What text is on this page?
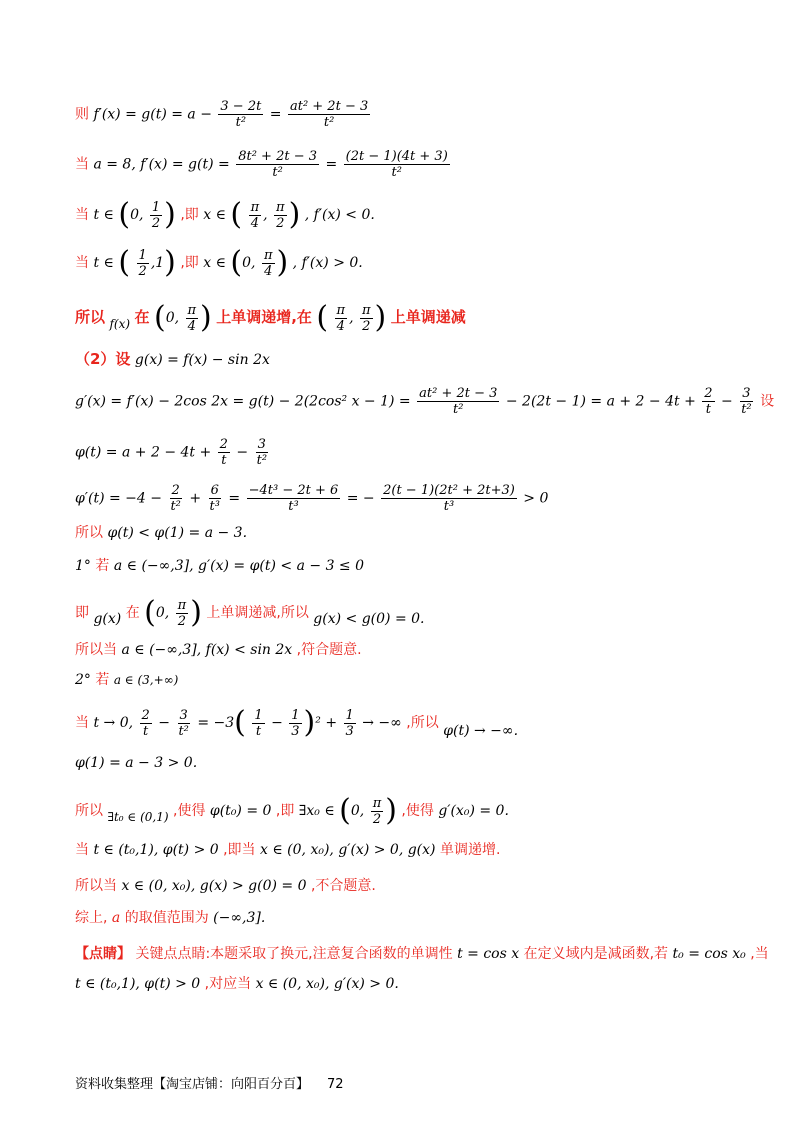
则 $f'(x) = g(t) = a - \frac{3 - 2t}{\text{t²}} = \frac{\text{at² + 2t − 3}}{\text{t²}}$
当 a = 8, $f'(x) = g(t) = \frac{\text{8t² + 2t − 3}}{\text{t²}} = \frac{(2t - 1)(4t + 3)}{\text{t²}}$
当 t ∈ (0, $\frac{1}{2}$ ) ,即 x ∈ ( $\frac{\pi}{4}$ , $\frac{\pi}{2}$ ) , f′(x) < 0.
当 t ∈ ( $\frac{1}{2} ,1$) ,即 x ∈ (0, $\frac{\pi}{4}$ ) , f′(x) > 0.
所以 f(x) 在 (0, $\frac{\pi}{4}$ ) 上单调递增,在 ( $\frac{\pi}{4}$ , $\frac{\pi}{2}$ ) 上单调递减
（2）设 g(x) = f(x) − sin 2x
g′(x) = f′(x) − 2cos 2x = g(t) − 2(2cos² $x - 1) = \frac{\text{at² + 2t − 3}}{\text{t²}} - 2(2t - 1) = a + 2 - 4t + \frac{2}{t} - \frac{3}{\text{t²}}$ 设
$\varphi(t) = a + 2 - 4t + \frac{2}{t} - \frac{3}{\text{t²}}$
$\varphi'(t) = -4 - \frac{2}{\text{t²}} + \frac{6}{\text{t³}} = \frac{\text{−4t³ − 2t + 6}}{\text{t³}}$ = − $\frac{\text{2(t − 1)(2t² + 2t+3)}}{\text{t³}} > 0$
所以 φ(t) < φ(1) = a − 3.
1° 若 a ∈ (−∞,3], g′(x) = φ(t) < a − 3 ≤ 0
即 g(x) 在 (0, $\frac{\pi}{2}$ ) 上单调递减,所以 g(x) < g(0) = 0.
所以当 a ∈ (−∞,3], f(x) < sin 2x ,符合题意.
2° 若 a ∈ (3,+∞)
当 t → 0, $\frac{2}{t} - \frac{3}{\text{t²}} = -3( \frac{1}{t} - \frac{1}{3} )^2 + \frac{1}{3}$ → −∞ ,所以 φ(t) → −∞.
φ(1) = a − 3 > 0.
所以 ∃t₀ ∈ (0,1) ,使得 φ(t₀) = 0 ,即 ∃x₀ ∈ (0, $\frac{\pi}{2}$ ) ,使得 g′(x₀) = 0.
当 t ∈ (t₀,1), φ(t) > 0 ,即当 x ∈ (0, x₀), g′(x) > 0, g(x) 单调递增.
所以当 x ∈ (0, x₀), g(x) > g(0) = 0 ,不合题意.
综上, a 的取值范围为 (−∞,3].
【点睛】 关键点点睛:本题采取了换元,注意复合函数的单调性 t = cos x 在定义域内是减函数,若 t₀ = cos x₀ ,当
t ∈ (t₀,1), φ(t) > 0 ,对应当 x ∈ (0, x₀), g′(x) > 0.
资料收集整理【淘宝店铺：向阳百分百】 72
